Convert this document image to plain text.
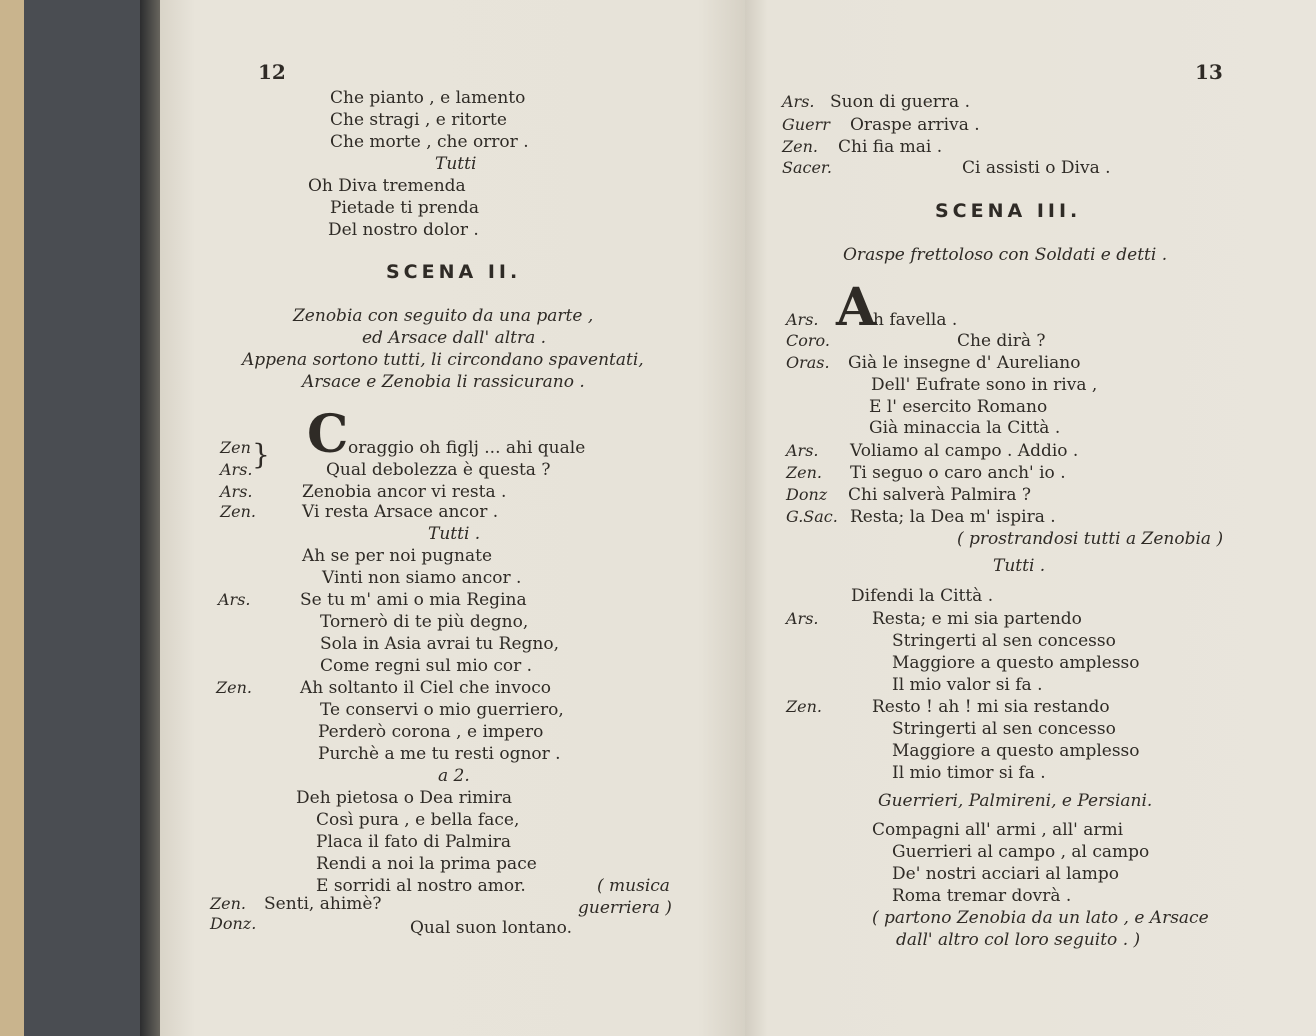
12
Che pianto , e lamento
Che stragi , e ritorte
Che morte , che orror .
Tutti
Oh Diva tremenda
Pietade ti prenda
Del nostro dolor .
SCENA II.
Zenobia con seguito da una parte ,
ed Arsace dall' altra .
Appena sortono tutti, li circondano spaventati,
Arsace e Zenobia li rassicurano .
C
}
Zen	oraggio oh figlj ... ahi quale
Ars.	Qual debolezza è questa ?
Ars.	Zenobia ancor vi resta .
Zen.	Vi resta Arsace ancor .
Tutti .
Ah se per noi pugnate
Vinti non siamo ancor .
Ars.	Se tu m' ami o mia Regina
Tornerò di te più degno,
Sola in Asia avrai tu Regno,
Come regni sul mio cor .
Zen.	Ah soltanto il Ciel che invoco
Te conservi o mio guerriero,
Perderò corona , e impero
Purchè a me tu resti ognor .
a 2.
Deh pietosa o Dea rimira
Così pura , e bella face,
Placa il fato di Palmira
Rendi a noi la prima pace
E sorridi al nostro amor.	( musica
Zen. Senti, ahimè?	guerriera )
Donz.	Qual suon lontano.
13
Ars. Suon di guerra .
Guerr Oraspe arriva .
Zen. Chi fia mai .
Sacer.	Ci assisti o Diva .
SCENA III.
Oraspe frettoloso con Soldati e detti .
A
Ars.	h favella .
Coro.	Che dirà ?
Oras. Già le insegne d' Aureliano
Dell' Eufrate sono in riva ,
E l' esercito Romano
Già minaccia la Città .
Ars. Voliamo al campo . Addio .
Zen. Ti seguo o caro anch' io .
Donz Chi salverà Palmira ?
G.Sac. Resta; la Dea m' ispira .
( prostrandosi tutti a Zenobia )
Tutti .
Difendi la Città .
Ars.	Resta; e mi sia partendo
Stringerti al sen concesso
Maggiore a questo amplesso
Il mio valor si fa .
Zen.	Resto ! ah ! mi sia restando
Stringerti al sen concesso
Maggiore a questo amplesso
Il mio timor si fa .
Guerrieri, Palmireni, e Persiani.
Compagni all' armi , all' armi
Guerrieri al campo , al campo
De' nostri acciari al lampo
Roma tremar dovrà .
( partono Zenobia da un lato , e Arsace
dall' altro col loro seguito . )
